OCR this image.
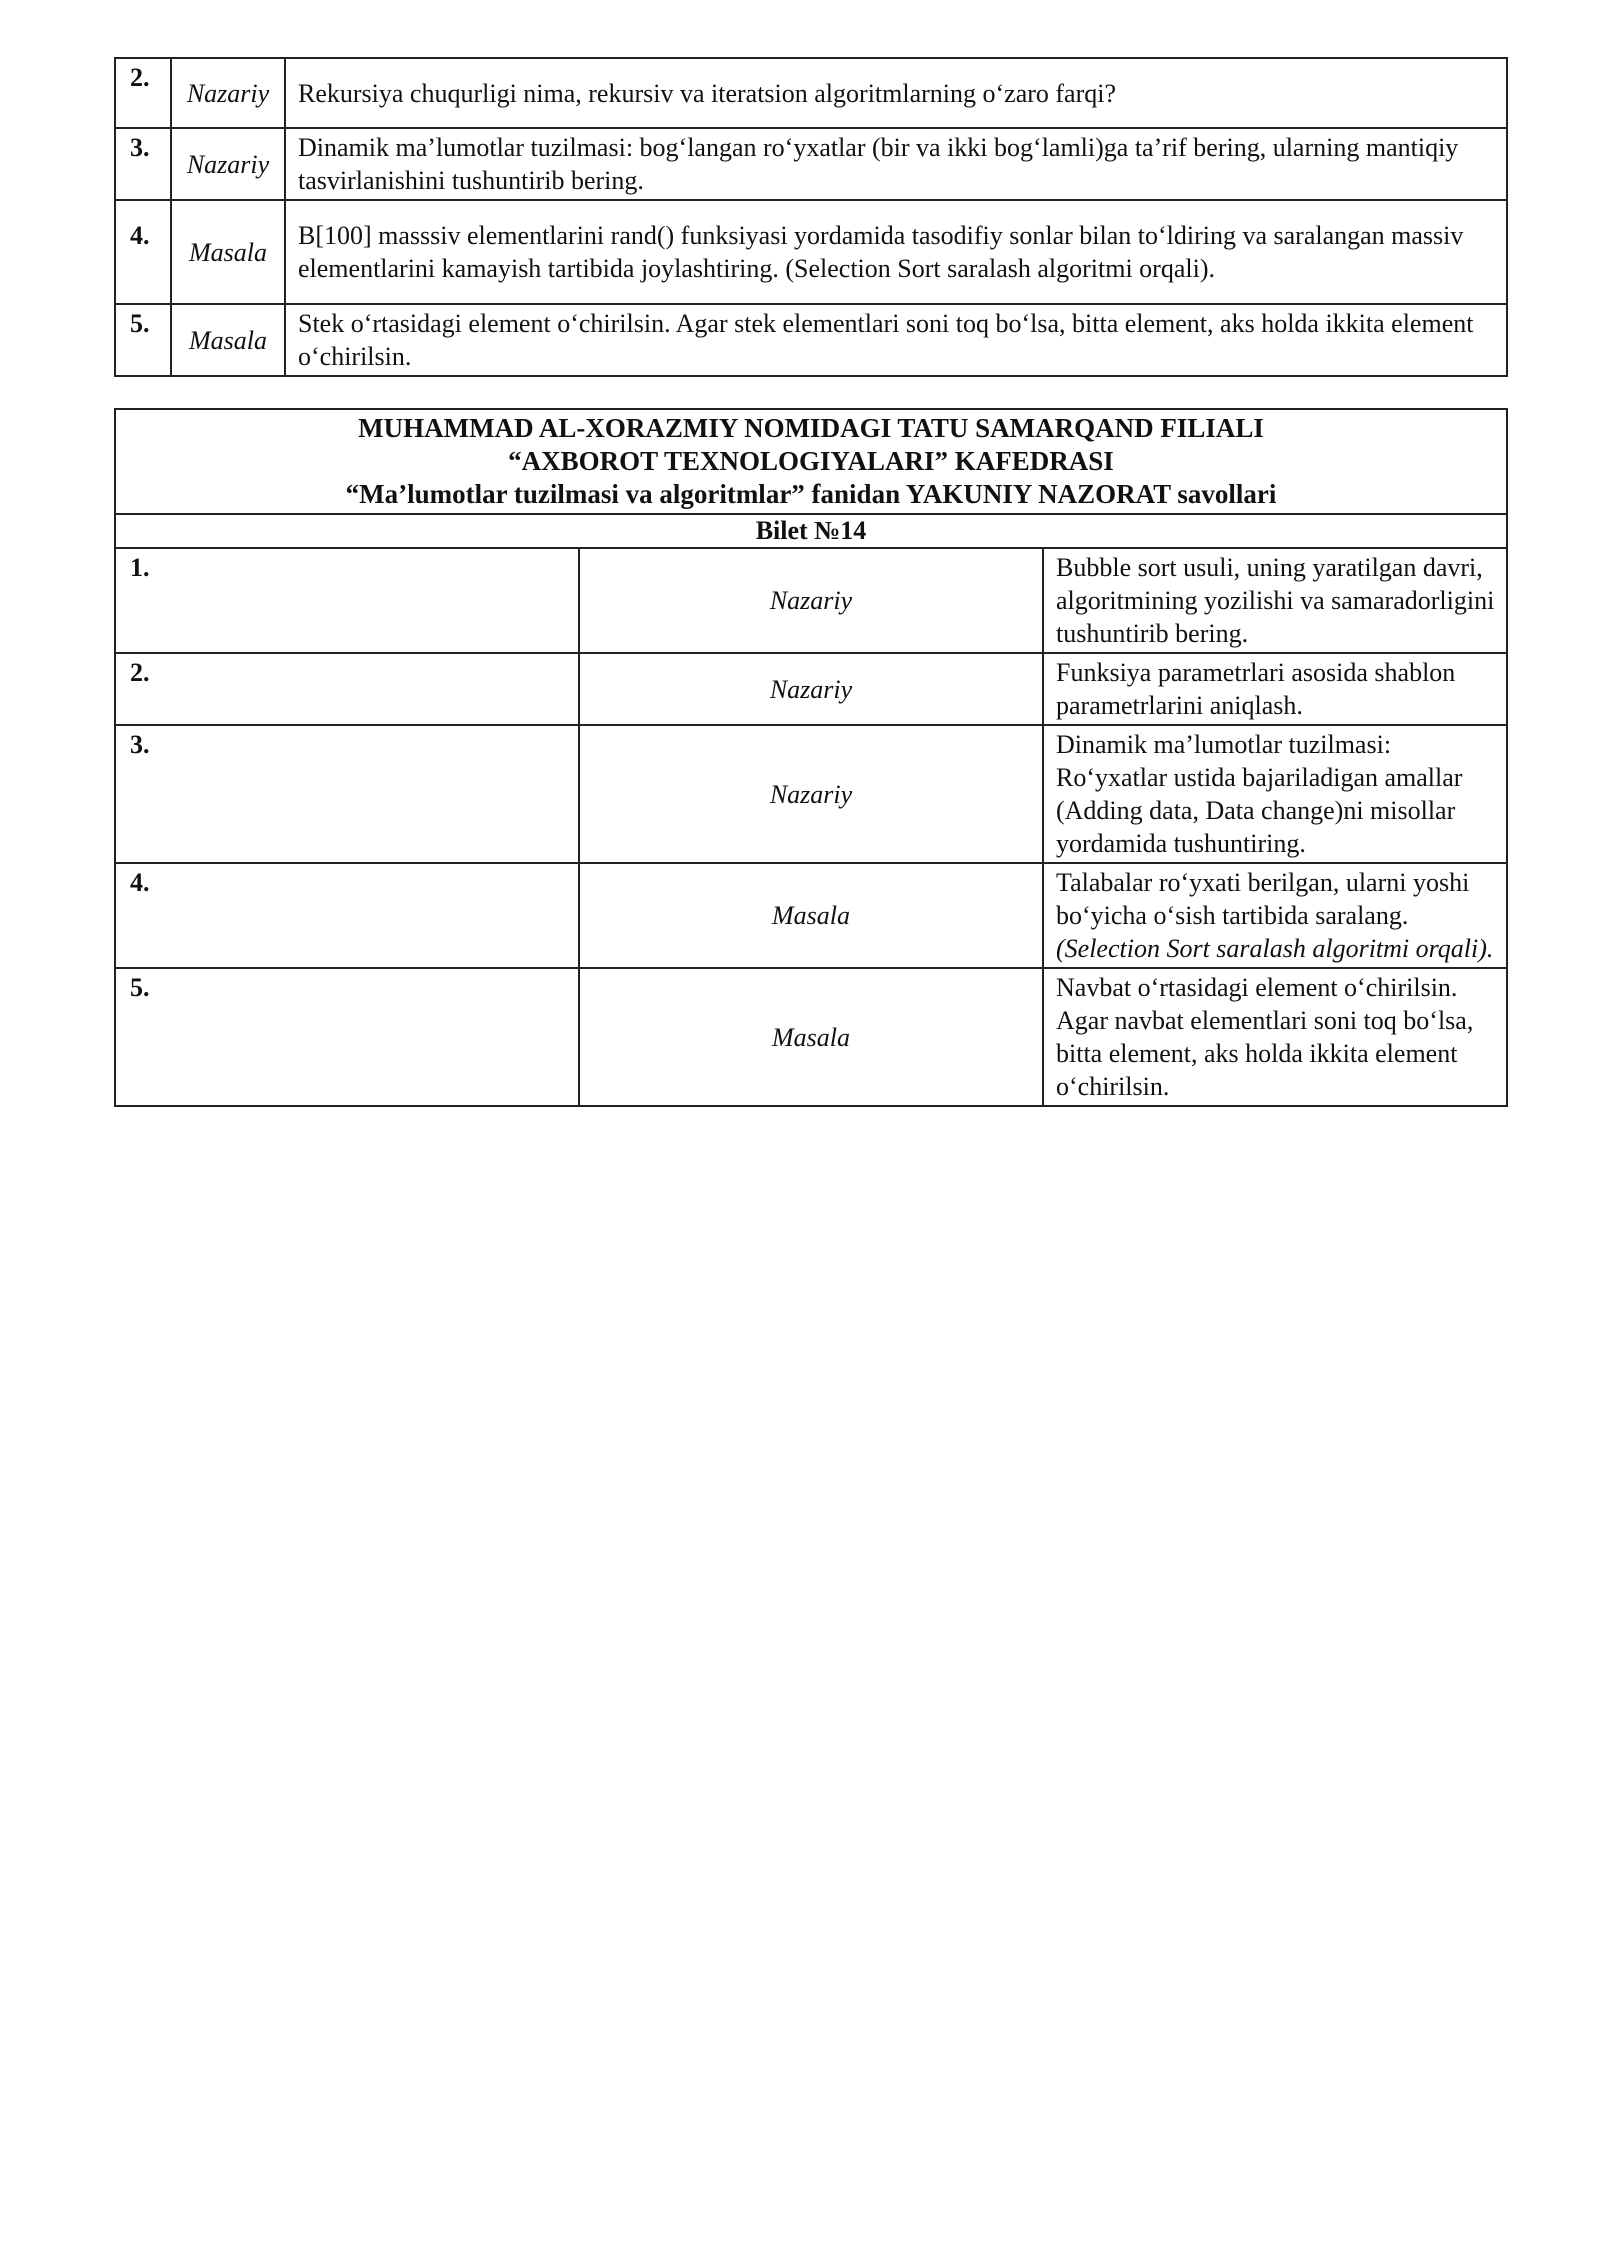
2.	Nazariy	Rekursiya chuqurligi nima, rekursiv va iteratsion algoritmlarning o‘zaro farqi?
3.	Nazariy	Dinamik ma’lumotlar tuzilmasi: bog‘langan ro‘yxatlar (bir va ikki bog‘lamli)ga ta’rif bering, ularning mantiqiy tasvirlanishini tushuntirib bering.
4.	Masala	B[100] masssiv elementlarini rand() funksiyasi yordamida tasodifiy sonlar bilan to‘ldiring va saralangan massiv elementlarini kamayish tartibida joylashtiring. (Selection Sort saralash algoritmi orqali).
5.	Masala	Stek o‘rtasidagi element o‘chirilsin. Agar stek elementlari soni toq bo‘lsa, bitta element, aks holda ikkita element o‘chirilsin.
MUHAMMAD AL-XORAZMIY NOMIDAGI TATU SAMARQAND FILIALI
“AXBOROT TEXNOLOGIYALARI” KAFEDRASI
“Ma’lumotlar tuzilmasi va algoritmlar” fanidan YAKUNIY NAZORAT savollari		

Bilet №14		
1.	Nazariy	Bubble sort usuli, uning yaratilgan davri, algoritmining yozilishi va samaradorligini tushuntirib bering.
2.	Nazariy	Funksiya parametrlari asosida shablon parametrlarini aniqlash.
3.	Nazariy	Dinamik ma’lumotlar tuzilmasi: Ro‘yxatlar ustida bajariladigan amallar (Adding data, Data change)ni misollar yordamida tushuntiring.
4.	Masala	Talabalar ro‘yxati berilgan, ularni yoshi bo‘yicha o‘sish tartibida saralang. (Selection Sort saralash algoritmi orqali).
5.	Masala	Navbat o‘rtasidagi element o‘chirilsin. Agar navbat elementlari soni toq bo‘lsa, bitta element, aks holda ikkita element o‘chirilsin.
